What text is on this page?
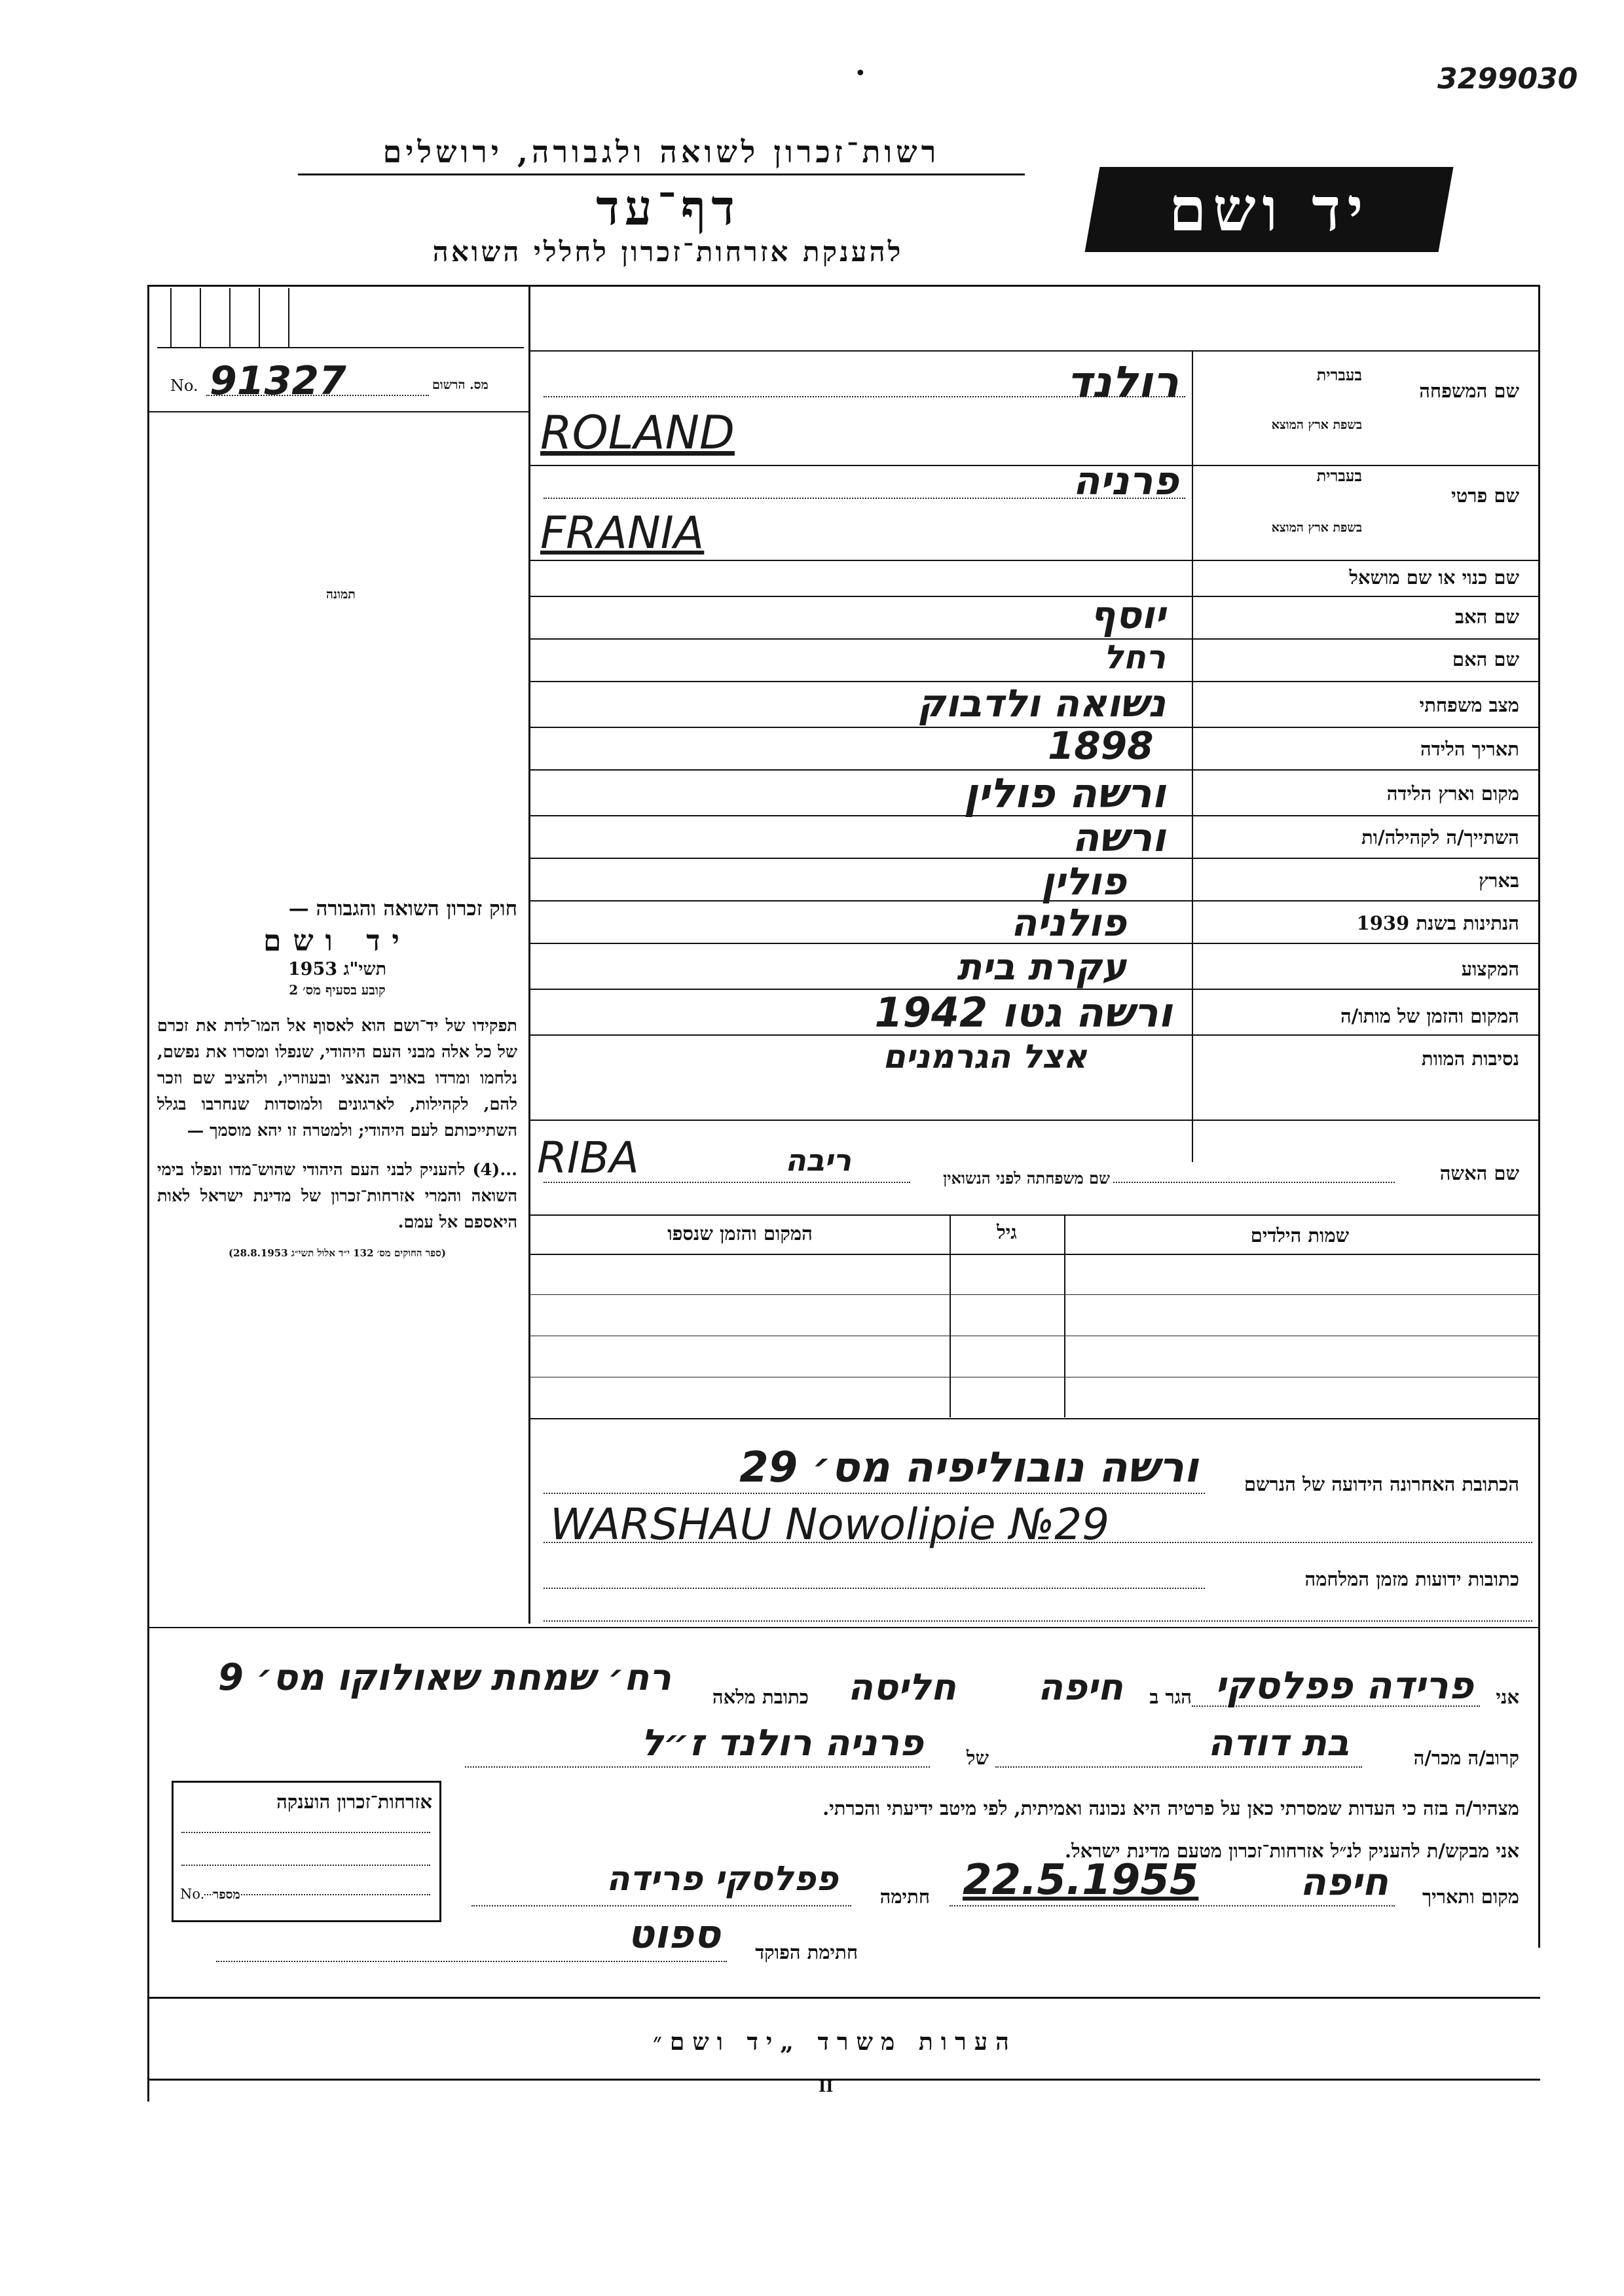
3299030
•
רשות־זכרון לשואה ולגבורה, ירושלים
דף־עד
להענקת אזרחות־זכרון לחללי השואה
יד ושם
No. 91327	מס. הרשום
תמונה

חוק זכרון השואה והגבורה —

יד ושם

תשי"ג 1953

קובע בסעיף מס׳ 2

תפקידו של יד־ושם הוא לאסוף אל המו־לדת את זכרם של כל אלה מבני העם היהודי, שנפלו ומסרו את נפשם, נלחמו ומרדו באויב הנאצי ובעוזריו, ולהציב שם וזכר להם, לקהילות, לארגונים ולמוסדות שנחרבו בגלל השתייכותם לעם היהודי; ולמטרה זו יהא מוסמך —

...(4) להעניק לבני העם היהודי שהוש־מדו ונפלו בימי השואה והמרי אזרחות־זכרון של מדינת ישראל לאות היאספם אל עמם.

(ספר החוקים מס׳ 132 י״ד אלול תשי״ג 28.8.1953)

שם המשפחה
בעברית
בשפת ארץ המוצא
רולנד
ROLAND
שם פרטי
בעברית
בשפת ארץ המוצא
פרניה
FRANIA
שם כנוי או שם מושאל
שם האב
יוסף
שם האם
רחל
מצב משפחתי
נשואה ולדבוק
תאריך הלידה
1898
מקום וארץ הלידה
ורשה פולין
השתייך/ה לקהילה/ות
ורשה
בארץ
פולין
הנתינות בשנת 1939
פולניה
המקצוע
עקרת בית
המקום והזמן של מותו/ה
ורשה גטו 1942
נסיבות המוות
אצל הגרמנים
שם האשה
שם משפחתה לפני הנשואין
RIBA	ריבה
שמות הילדים
גיל
המקום והזמן שנספו
הכתובת האחרונה הידועה של הנרשם
ורשה נובוליפיה מס׳ 29
WARSHAU Nowolipie №29
כתובות ידועות מזמן המלחמה
אני
פרידה פפלסקי
הגר ב
חיפה
חליסה
כתובת מלאה
רח׳ שמחת שאולוקו מס׳ 9
קרוב/ה מכר/ה
בת דודה
של
פרניה רולנד ז״ל
מצהיר/ה בזה כי העדות שמסרתי כאן על פרטיה היא נכונה ואמיתית, לפי מיטב ידיעתי והכרתי.
אני מבקש/ת להעניק לנ״ל אזרחות־זכרון מטעם מדינת ישראל.
מקום ותאריך
חיפה
22.5.1955
חתימה
פפלסקי פרידה
חתימת הפוקד
ספוט
אזרחות־זכרון הוענקה
No. מספר
הערות משרד „יד ושם״
II
